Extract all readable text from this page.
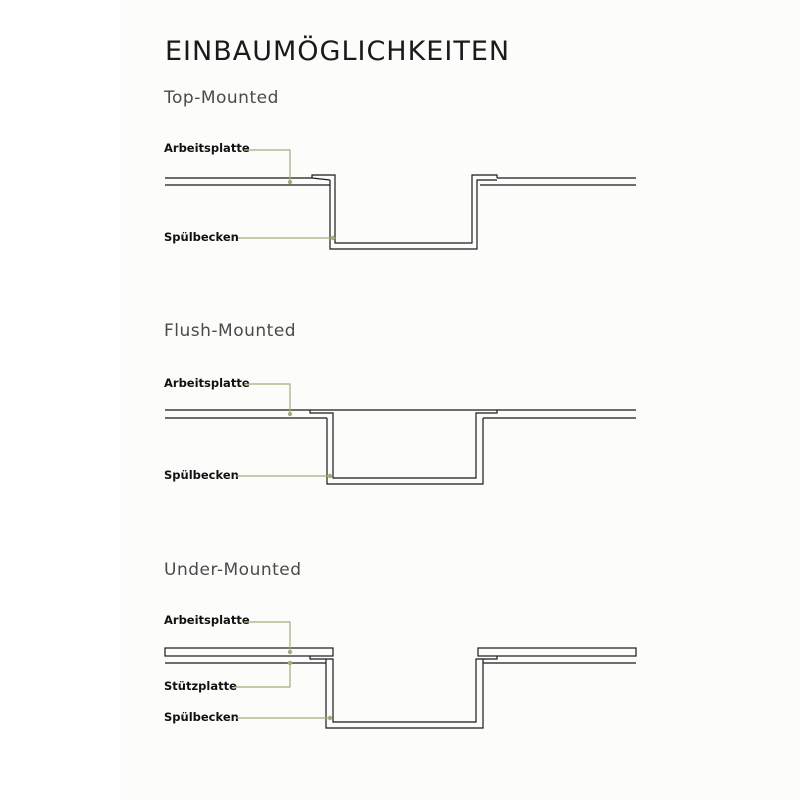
EINBAUMÖGLICHKEITEN
Top-Mounted
Arbeitsplatte
Spülbecken
Flush-Mounted
Arbeitsplatte
Spülbecken
Under-Mounted
Arbeitsplatte
Stützplatte
Spülbecken
